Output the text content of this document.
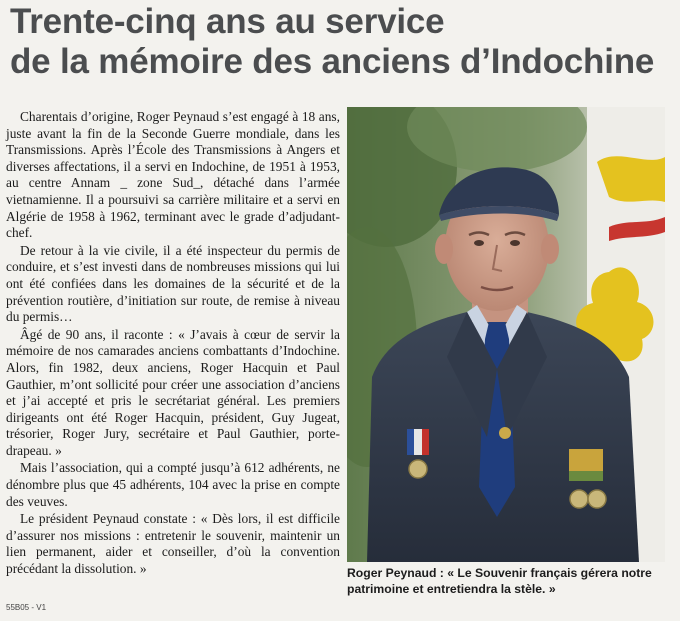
Trente-cinq ans au service
de la mémoire des anciens d’Indochine

Charentais d’origine, Roger Peynaud s’est engagé à 18 ans, juste avant la fin de la Seconde Guerre mondiale, dans les Transmissions. Après l’École des Transmissions à Angers et diverses affectations, il a servi en Indochine, de 1951 à 1953, au centre Annam _ zone Sud_, détaché dans l’armée vietnamienne. Il a poursuivi sa carrière militaire et a servi en Algérie de 1958 à 1962, terminant avec le grade d’adjudant-chef.

De retour à la vie civile, il a été inspecteur du permis de conduire, et s’est investi dans de nombreuses missions qui lui ont été confiées dans les domaines de la sécurité et de la prévention routière, d’initiation sur route, de remise à niveau du permis…

Âgé de 90 ans, il raconte : « J’avais à cœur de servir la mémoire de nos camarades anciens combattants d’Indochine. Alors, fin 1982, deux anciens, Roger Hacquin et Paul Gauthier, m’ont sollicité pour créer une association d’anciens et j’ai accepté et pris le secrétariat général. Les premiers dirigeants ont été Roger Hacquin, président, Guy Jugeat, trésorier, Roger Jury, secrétaire et Paul Gauthier, porte-drapeau. »

Mais l’association, qui a compté jusqu’à 612 adhérents, ne dénombre plus que 45 adhérents, 104 avec la prise en compte des veuves.

Le président Peynaud constate : « Dès lors, il est difficile d’assurer nos missions : entretenir le souvenir, maintenir un lien permanent, aider et conseiller, d’où la convention précédant la dissolution. »	Roger Peynaud : « Le Souvenir français gérera notre patrimoine et entretiendra la stèle. »
55B05 - V1
